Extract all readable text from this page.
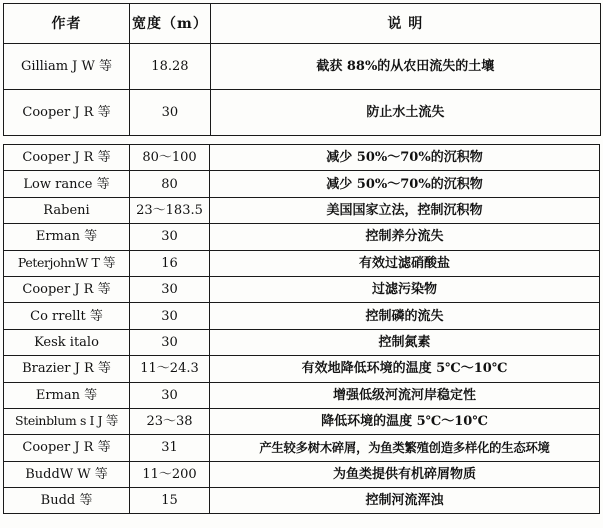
作者	宽度（m）	说 明
Gilliam J W 等	18.28	截获 88%的从农田流失的土壤
Cooper J R 等	30	防止水土流失
Cooper J R 等	80～100	减少 50%～70%的沉积物
Low rance 等	80	减少 50%～70%的沉积物
Rabeni	23～183.5	美国国家立法，控制沉积物
Erman 等	30	控制养分流失
PeterjohnW T 等	16	有效过滤硝酸盐
Cooper J R 等	30	过滤污染物
Co rrellt 等	30	控制磷的流失
Kesk italo	30	控制氮素
Brazier J R 等	11～24.3	有效地降低环境的温度 5℃～10℃
Erman 等	30	增强低级河流河岸稳定性
Steinblum s I J 等	23～38	降低环境的温度 5℃～10℃
Cooper J R 等	31	产生较多树木碎屑，为鱼类繁殖创造多样化的生态环境
BuddW W 等	11～200	为鱼类提供有机碎屑物质
Budd 等	15	控制河流浑浊
